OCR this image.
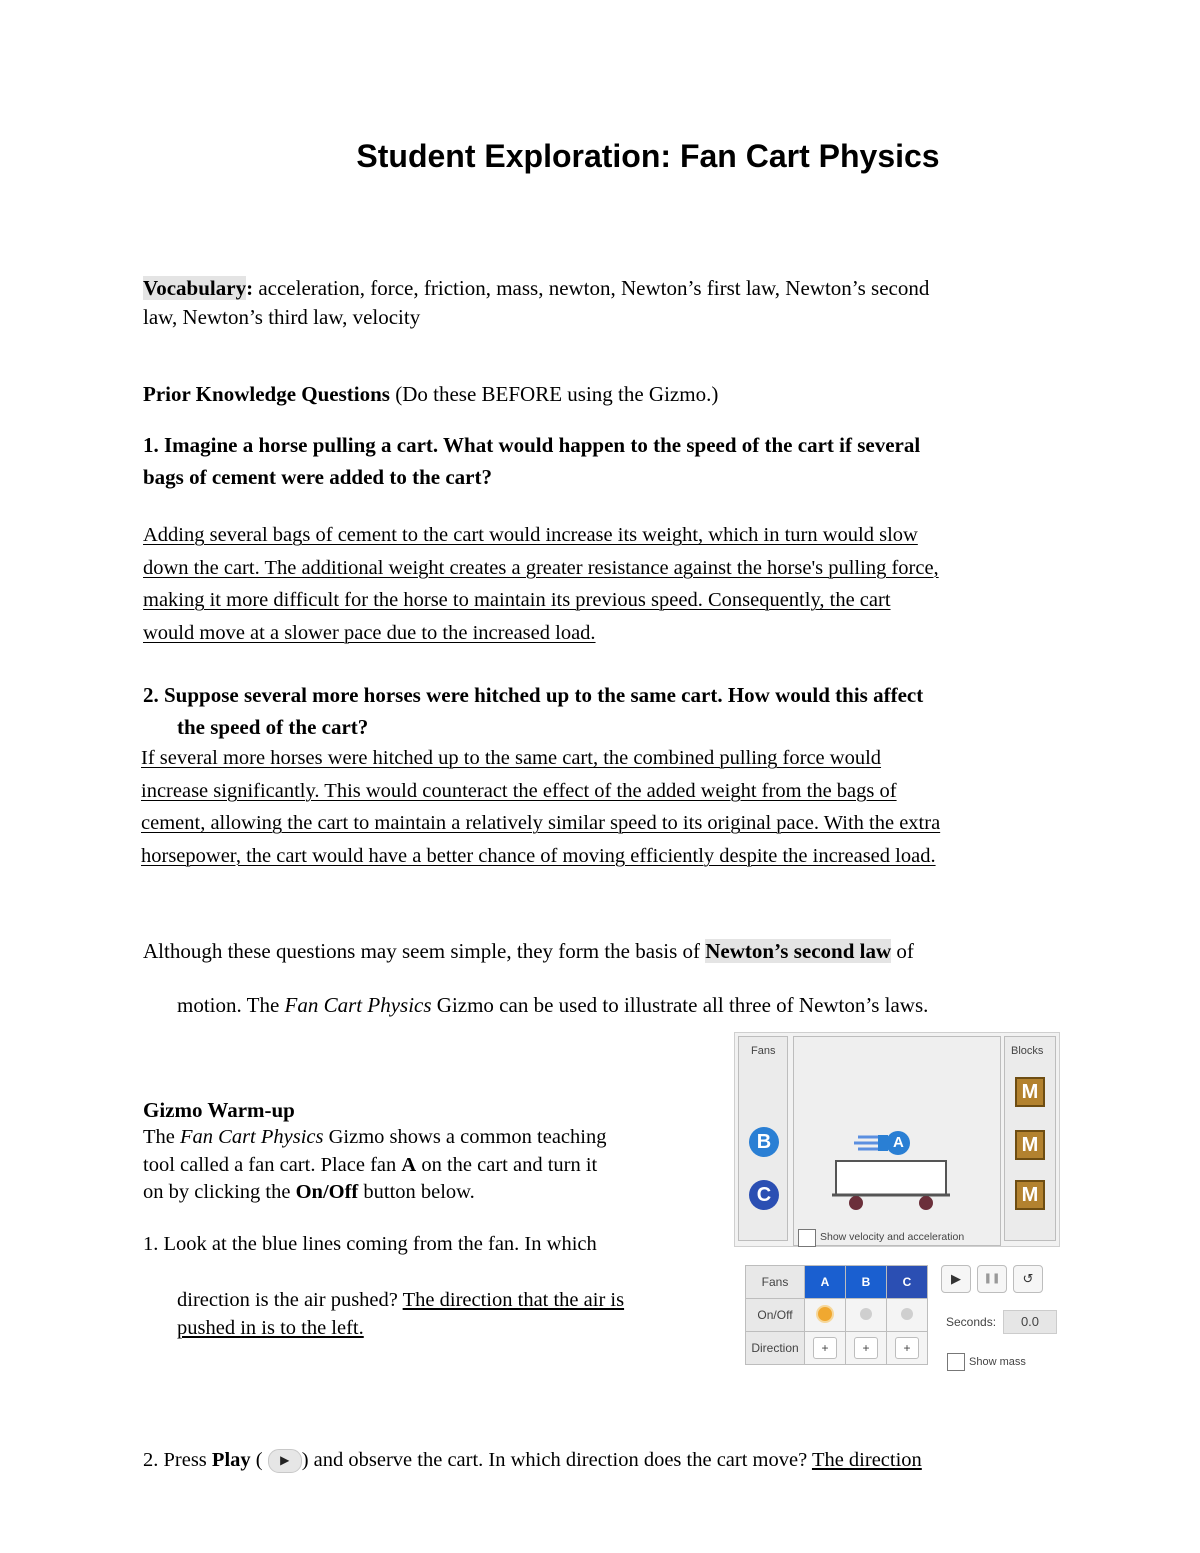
Student Exploration: Fan Cart Physics
Vocabulary: acceleration, force, friction, mass, newton, Newton’s first law, Newton’s second
law, Newton’s third law, velocity
Prior Knowledge Questions (Do these BEFORE using the Gizmo.)
1. Imagine a horse pulling a cart. What would happen to the speed of the cart if several
bags of cement were added to the cart?
Adding several bags of cement to the cart would increase its weight, which in turn would slow
down the cart. The additional weight creates a greater resistance against the horse's pulling force,
making it more difficult for the horse to maintain its previous speed. Consequently, the cart
would move at a slower pace due to the increased load.
2. Suppose several more horses were hitched up to the same cart. How would this affect
the speed of the cart?
If several more horses were hitched up to the same cart, the combined pulling force would
increase significantly. This would counteract the effect of the added weight from the bags of
cement, allowing the cart to maintain a relatively similar speed to its original pace. With the extra
horsepower, the cart would have a better chance of moving efficiently despite the increased load.
Although these questions may seem simple, they form the basis of Newton’s second law of
motion. The Fan Cart Physics Gizmo can be used to illustrate all three of Newton’s laws.
Gizmo Warm-up
The Fan Cart Physics Gizmo shows a common teaching
tool called a fan cart. Place fan A on the cart and turn it
on by clicking the On/Off button below.
1. Look at the blue lines coming from the fan. In which
direction is the air pushed? The direction that the air is
pushed in is to the left.
Fans
B
C
A
Show velocity and acceleration
Blocks
M
M
M
Fans	A	B	C
On/Off			
Direction	+	+	+
▶	❚❚	↺
Seconds:	0.0
Show mass
2. Press Play ( ▶ ) and observe the cart. In which direction does the cart move? The direction
